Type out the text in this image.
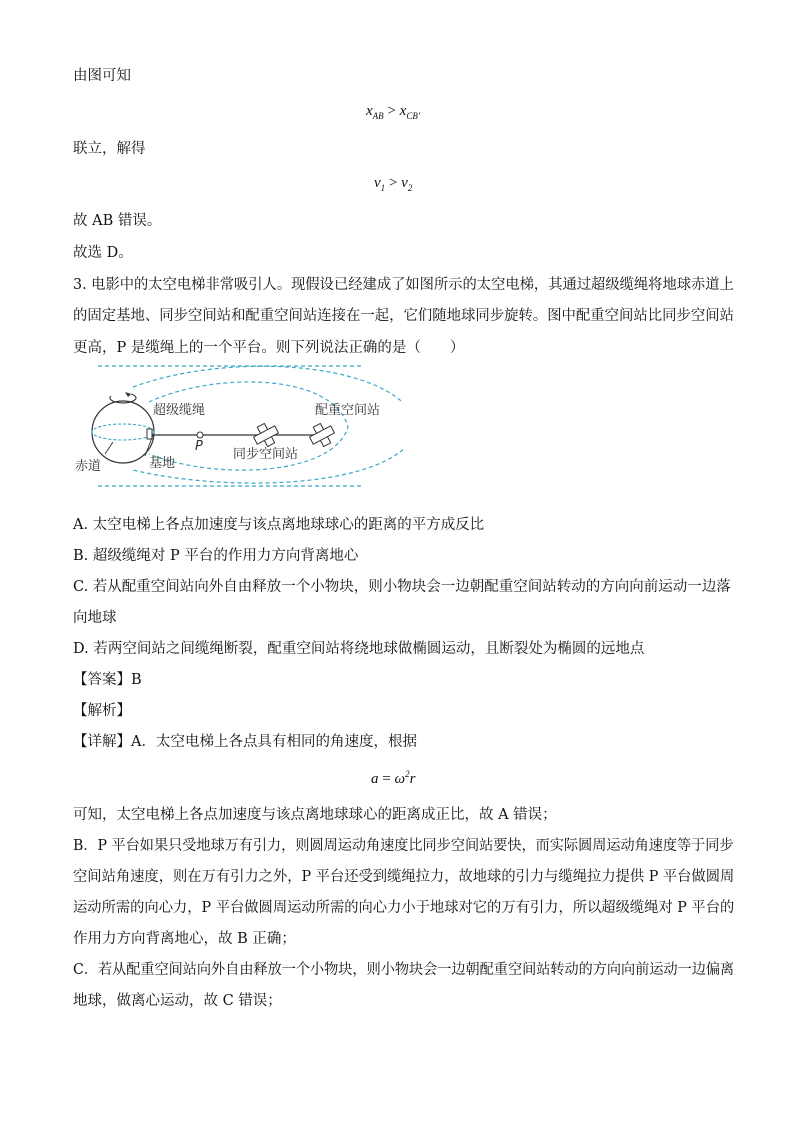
由图可知
$x_{AB} > x_{CB'}$
联立，解得
$v_1 > v_2$
故 AB 错误。
故选 D。
3. 电影中的太空电梯非常吸引人。现假设已经建成了如图所示的太空电梯，其通过超级缆绳将地球赤道上
的固定基地、同步空间站和配重空间站连接在一起，它们随地球同步旋转。图中配重空间站比同步空间站
更高，P 是缆绳上的一个平台。则下列说法正确的是（　　）
超级缆绳	配重空间站
P
同步空间站
赤道	基地
A. 太空电梯上各点加速度与该点离地球球心的距离的平方成反比
B. 超级缆绳对 P 平台的作用力方向背离地心
C. 若从配重空间站向外自由释放一个小物块，则小物块会一边朝配重空间站转动的方向向前运动一边落
向地球
D. 若两空间站之间缆绳断裂，配重空间站将绕地球做椭圆运动，且断裂处为椭圆的远地点
【答案】B
【解析】
【详解】A．太空电梯上各点具有相同的角速度，根据
$a = \omega^2r$
可知，太空电梯上各点加速度与该点离地球球心的距离成正比，故 A 错误；
B．P 平台如果只受地球万有引力，则圆周运动角速度比同步空间站要快，而实际圆周运动角速度等于同步
空间站角速度，则在万有引力之外，P 平台还受到缆绳拉力，故地球的引力与缆绳拉力提供 P 平台做圆周
运动所需的向心力，P 平台做圆周运动所需的向心力小于地球对它的万有引力，所以超级缆绳对 P 平台的
作用力方向背离地心，故 B 正确；
C．若从配重空间站向外自由释放一个小物块，则小物块会一边朝配重空间站转动的方向向前运动一边偏离
地球，做离心运动，故 C 错误；
